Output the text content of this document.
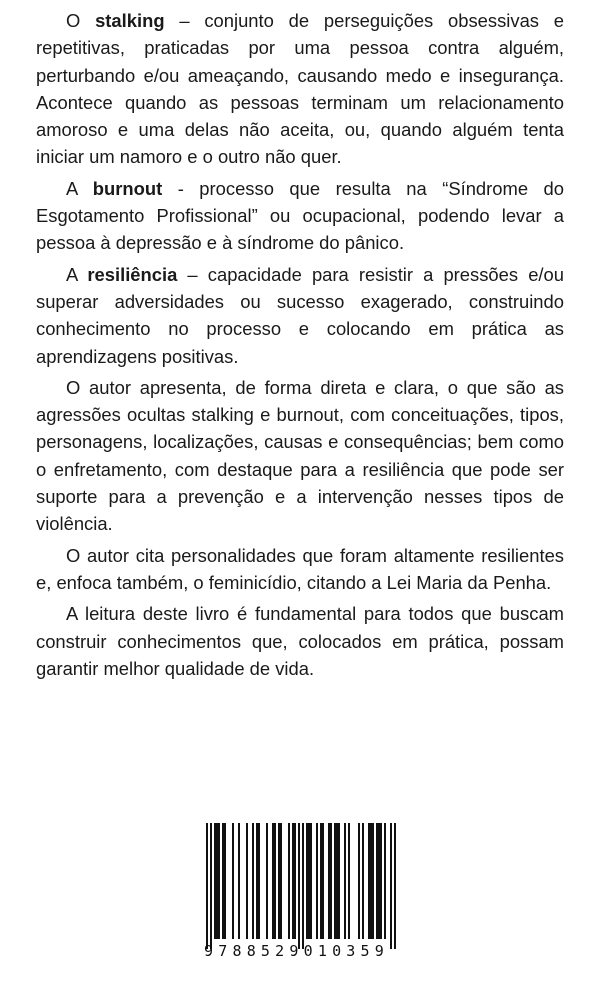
O stalking – conjunto de perseguições obsessivas e repetitivas, praticadas por uma pessoa contra alguém, perturbando e/ou ameaçando, causando medo e insegurança. Acontece quando as pessoas terminam um relacionamento amoroso e uma delas não aceita, ou, quando alguém tenta iniciar um namoro e o outro não quer.

A burnout - processo que resulta na “Síndrome do Esgotamento Profissional” ou ocupacional, podendo levar a pessoa à depressão e à síndrome do pânico.

A resiliência – capacidade para resistir a pressões e/ou superar adversidades ou sucesso exagerado, construindo conhecimento no processo e colocando em prática as aprendizagens positivas.

O autor apresenta, de forma direta e clara, o que são as agressões ocultas stalking e burnout, com conceituações, tipos, personagens, localizações, causas e consequências; bem como o enfretamento, com destaque para a resiliência que pode ser suporte para a prevenção e a intervenção nesses tipos de violência.

O autor cita personalidades que foram altamente resilientes e, enfoca também, o feminicídio, citando a Lei Maria da Penha.

A leitura deste livro é fundamental para todos que buscam construir conhecimentos que, colocados em prática, possam garantir melhor qualidade de vida.

9788529010359
